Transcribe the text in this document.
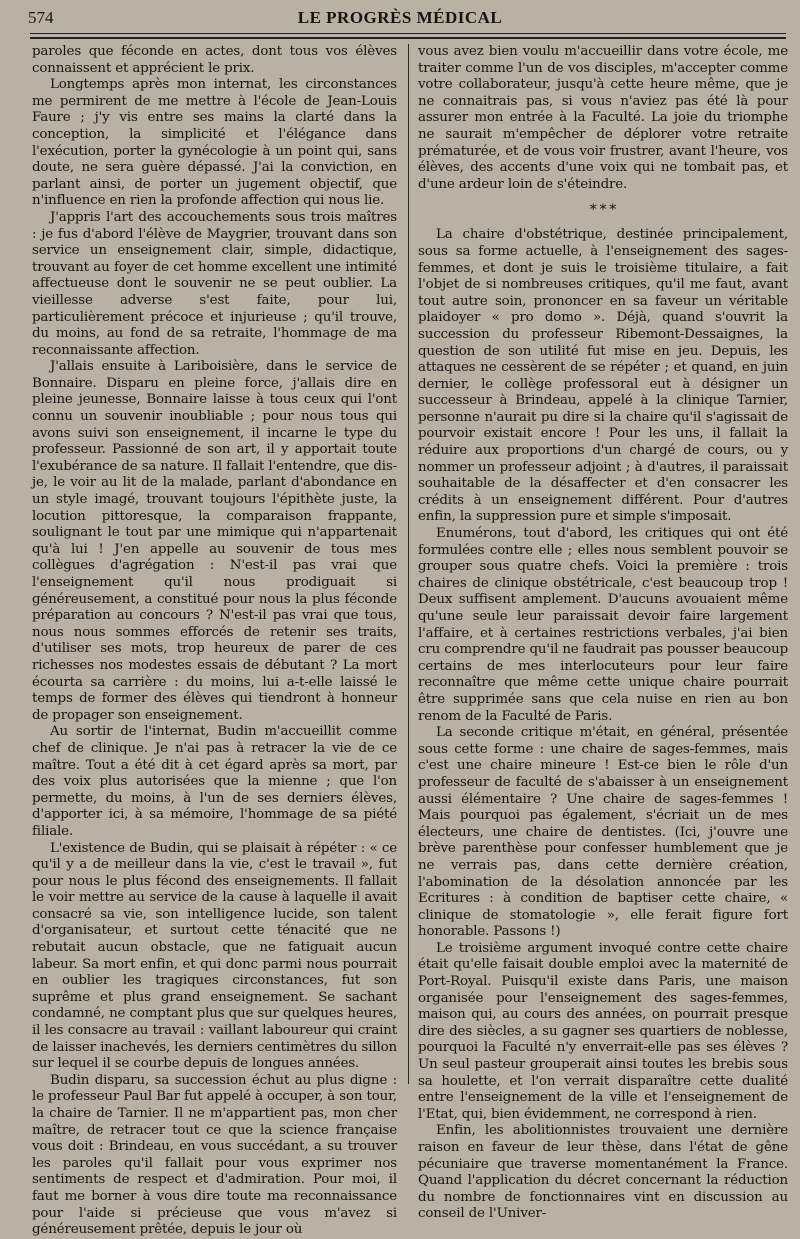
574	LE PROGRÈS MÉDICAL

paroles que féconde en actes, dont tous vos élèves connaissent et apprécient le prix.

Longtemps après mon internat, les circonstances me permirent de me mettre à l'école de Jean-Louis Faure ; j'y vis entre ses mains la clarté dans la conception, la simplicité et l'élégance dans l'exécution, porter la gynécologie à un point qui, sans doute, ne sera guère dépassé. J'ai la conviction, en parlant ainsi, de porter un jugement objectif, que n'influence en rien la profonde affection qui nous lie.

J'appris l'art des accouchements sous trois maîtres : je fus d'abord l'élève de Maygrier, trouvant dans son service un enseignement clair, simple, didactique, trouvant au foyer de cet homme excellent une intimité affectueuse dont le souvenir ne se peut oublier. La vieillesse adverse s'est faite, pour lui, particulièrement précoce et injurieuse ; qu'il trouve, du moins, au fond de sa retraite, l'hommage de ma reconnaissante affection.

J'allais ensuite à Lariboisière, dans le service de Bonnaire. Disparu en pleine force, j'allais dire en pleine jeunesse, Bonnaire laisse à tous ceux qui l'ont connu un souvenir inoubliable ; pour nous tous qui avons suivi son enseignement, il incarne le type du professeur. Passionné de son art, il y apportait toute l'exubérance de sa nature. Il fallait l'entendre, que dis-je, le voir au lit de la malade, parlant d'abondance en un style imagé, trouvant toujours l'épithète juste, la locution pittoresque, la comparaison frappante, soulignant le tout par une mimique qui n'appartenait qu'à lui ! J'en appelle au souvenir de tous mes collègues d'agrégation : N'est-il pas vrai que l'enseignement qu'il nous prodiguait si généreusement, a constitué pour nous la plus féconde préparation au concours ? N'est-il pas vrai que tous, nous nous sommes efforcés de retenir ses traits, d'utiliser ses mots, trop heureux de parer de ces richesses nos modestes essais de débutant ? La mort écourta sa carrière : du moins, lui a-t-elle laissé le temps de former des élèves qui tiendront à honneur de propager son enseignement.

Au sortir de l'internat, Budin m'accueillit comme chef de clinique. Je n'ai pas à retracer la vie de ce maître. Tout a été dit à cet égard après sa mort, par des voix plus autorisées que la mienne ; que l'on permette, du moins, à l'un de ses derniers élèves, d'apporter ici, à sa mémoire, l'hommage de sa piété filiale.

L'existence de Budin, qui se plaisait à répéter : « ce qu'il y a de meilleur dans la vie, c'est le travail », fut pour nous le plus fécond des enseignements. Il fallait le voir mettre au service de la cause à laquelle il avait consacré sa vie, son intelligence lucide, son talent d'organisateur, et surtout cette ténacité que ne rebutait aucun obstacle, que ne fatiguait aucun labeur. Sa mort enfin, et qui donc parmi nous pourrait en oublier les tragiques circonstances, fut son suprême et plus grand enseignement. Se sachant condamné, ne comptant plus que sur quelques heures, il les consacre au travail : vaillant laboureur qui craint de laisser inachevés, les derniers centimètres du sillon sur lequel il se courbe depuis de longues années.

Budin disparu, sa succession échut au plus digne : le professeur Paul Bar fut appelé à occuper, à son tour, la chaire de Tarnier. Il ne m'appartient pas, mon cher maître, de retracer tout ce que la science française vous doit : Brindeau, en vous succédant, a su trouver les paroles qu'il fallait pour vous exprimer nos sentiments de respect et d'admiration. Pour moi, il faut me borner à vous dire toute ma reconnaissance pour l'aide si précieuse que vous m'avez si généreusement prêtée, depuis le jour où

vous avez bien voulu m'accueillir dans votre école, me traiter comme l'un de vos disciples, m'accepter comme votre collaborateur, jusqu'à cette heure même, que je ne connaitrais pas, si vous n'aviez pas été là pour assurer mon entrée à la Faculté. La joie du triomphe ne saurait m'empêcher de déplorer votre retraite prématurée, et de vous voir frustrer, avant l'heure, vos élèves, des accents d'une voix qui ne tombait pas, et d'une ardeur loin de s'éteindre.

* * *

La chaire d'obstétrique, destinée principalement, sous sa forme actuelle, à l'enseignement des sages-femmes, et dont je suis le troisième titulaire, a fait l'objet de si nombreuses critiques, qu'il me faut, avant tout autre soin, prononcer en sa faveur un véritable plaidoyer « pro domo ». Déjà, quand s'ouvrit la succession du professeur Ribemont-Dessaignes, la question de son utilité fut mise en jeu. Depuis, les attaques ne cessèrent de se répéter ; et quand, en juin dernier, le collège professoral eut à désigner un successeur à Brindeau, appelé à la clinique Tarnier, personne n'aurait pu dire si la chaire qu'il s'agissait de pourvoir existait encore ! Pour les uns, il fallait la réduire aux proportions d'un chargé de cours, ou y nommer un professeur adjoint ; à d'autres, il paraissait souhaitable de la désaffecter et d'en consacrer les crédits à un enseignement différent. Pour d'autres enfin, la suppression pure et simple s'imposait.

Enumérons, tout d'abord, les critiques qui ont été formulées contre elle ; elles nous semblent pouvoir se grouper sous quatre chefs. Voici la première : trois chaires de clinique obstétricale, c'est beaucoup trop ! Deux suffisent amplement. D'aucuns avouaient même qu'une seule leur paraissait devoir faire largement l'affaire, et à certaines restrictions verbales, j'ai bien cru comprendre qu'il ne faudrait pas pousser beaucoup certains de mes interlocuteurs pour leur faire reconnaître que même cette unique chaire pourrait être supprimée sans que cela nuise en rien au bon renom de la Faculté de Paris.

La seconde critique m'était, en général, présentée sous cette forme : une chaire de sages-femmes, mais c'est une chaire mineure ! Est-ce bien le rôle d'un professeur de faculté de s'abaisser à un enseignement aussi élémentaire ? Une chaire de sages-femmes ! Mais pourquoi pas également, s'écriait un de mes électeurs, une chaire de dentistes. (Ici, j'ouvre une brève parenthèse pour confesser humblement que je ne verrais pas, dans cette dernière création, l'abomination de la désolation annoncée par les Ecritures : à condition de baptiser cette chaire, « clinique de stomatologie », elle ferait figure fort honorable. Passons !)

Le troisième argument invoqué contre cette chaire était qu'elle faisait double emploi avec la maternité de Port-Royal. Puisqu'il existe dans Paris, une maison organisée pour l'enseignement des sages-femmes, maison qui, au cours des années, on pourrait presque dire des siècles, a su gagner ses quartiers de noblesse, pourquoi la Faculté n'y enverrait-elle pas ses élèves ? Un seul pasteur grouperait ainsi toutes les brebis sous sa houlette, et l'on verrait disparaître cette dualité entre l'enseignement de la ville et l'enseignement de l'Etat, qui, bien évidemment, ne correspond à rien.

Enfin, les abolitionnistes trouvaient une dernière raison en faveur de leur thèse, dans l'état de gêne pécuniaire que traverse momentanément la France. Quand l'application du décret concernant la réduction du nombre de fonctionnaires vint en discussion au conseil de l'Univer-
